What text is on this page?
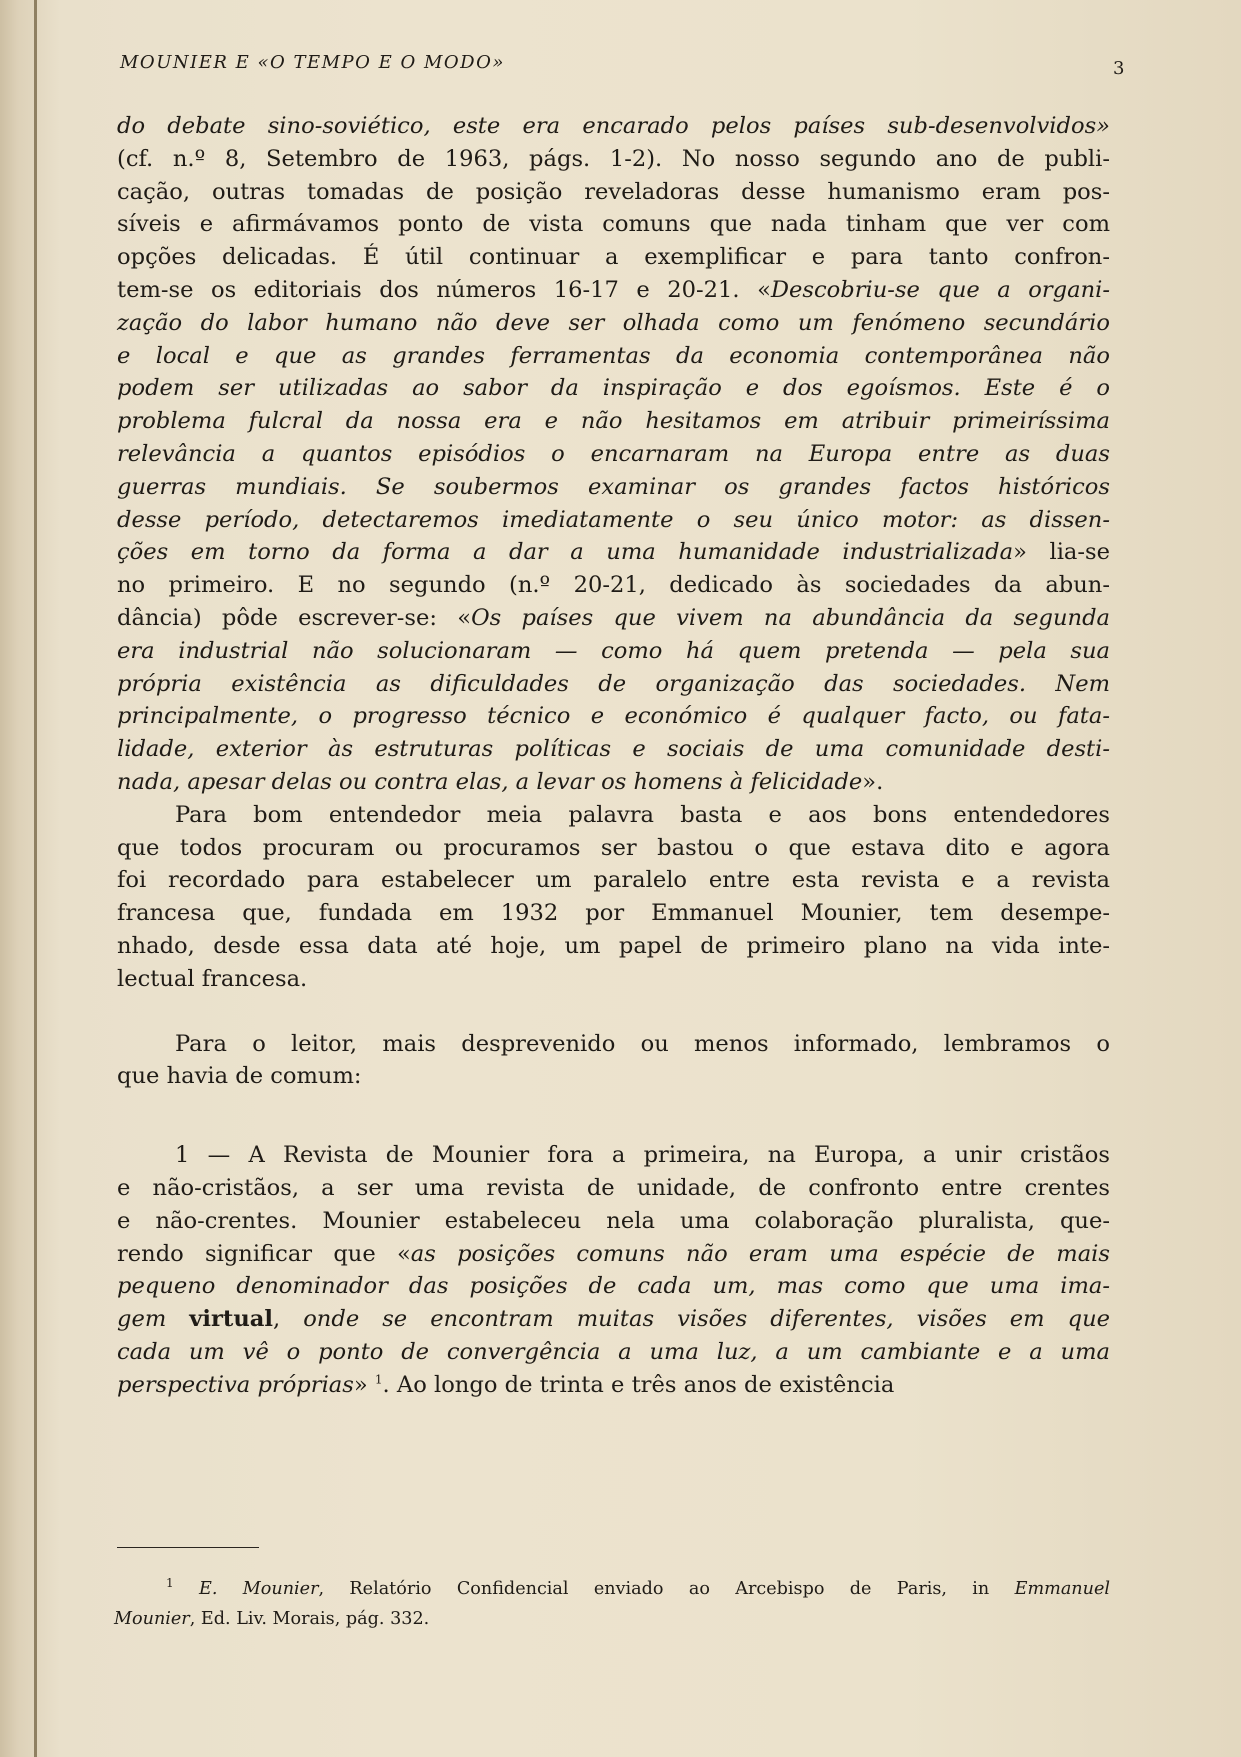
MOUNIER E «O TEMPO E O MODO»	3
do debate sino-soviético, este era encarado pelos países sub-desenvolvidos»
(cf. n.º 8, Setembro de 1963, págs. 1-2). No nosso segundo ano de publi-
cação, outras tomadas de posição reveladoras desse humanismo eram pos-
síveis e afirmávamos ponto de vista comuns que nada tinham que ver com
opções delicadas. É útil continuar a exemplificar e para tanto confron-
tem-se os editoriais dos números 16-17 e 20-21. «Descobriu-se que a organi-
zação do labor humano não deve ser olhada como um fenómeno secundário
e local e que as grandes ferramentas da economia contemporânea não
podem ser utilizadas ao sabor da inspiração e dos egoísmos. Este é o
problema fulcral da nossa era e não hesitamos em atribuir primeiríssima
relevância a quantos episódios o encarnaram na Europa entre as duas
guerras mundiais. Se soubermos examinar os grandes factos históricos
desse período, detectaremos imediatamente o seu único motor: as dissen-
ções em torno da forma a dar a uma humanidade industrializada» lia-se
no primeiro. E no segundo (n.º 20-21, dedicado às sociedades da abun-
dância) pôde escrever-se: «Os países que vivem na abundância da segunda
era industrial não solucionaram — como há quem pretenda — pela sua
própria existência as dificuldades de organização das sociedades. Nem
principalmente, o progresso técnico e económico é qualquer facto, ou fata-
lidade, exterior às estruturas políticas e sociais de uma comunidade desti-
nada, apesar delas ou contra elas, a levar os homens à felicidade».
Para bom entendedor meia palavra basta e aos bons entendedores
que todos procuram ou procuramos ser bastou o que estava dito e agora
foi recordado para estabelecer um paralelo entre esta revista e a revista
francesa que, fundada em 1932 por Emmanuel Mounier, tem desempe-
nhado, desde essa data até hoje, um papel de primeiro plano na vida inte-
lectual francesa.
Para o leitor, mais desprevenido ou menos informado, lembramos o
que havia de comum:
1 — A Revista de Mounier fora a primeira, na Europa, a unir cristãos
e não-cristãos, a ser uma revista de unidade, de confronto entre crentes
e não-crentes. Mounier estabeleceu nela uma colaboração pluralista, que-
rendo significar que «as posições comuns não eram uma espécie de mais
pequeno denominador das posições de cada um, mas como que uma ima-
gem virtual, onde se encontram muitas visões diferentes, visões em que
cada um vê o ponto de convergência a uma luz, a um cambiante e a uma
perspectiva próprias» $^1$. Ao longo de trinta e três anos de existência
$^1$ E. Mounier, Relatório Confidencial enviado ao Arcebispo de Paris, in Emmanuel
Mounier, Ed. Liv. Morais, pág. 332.
